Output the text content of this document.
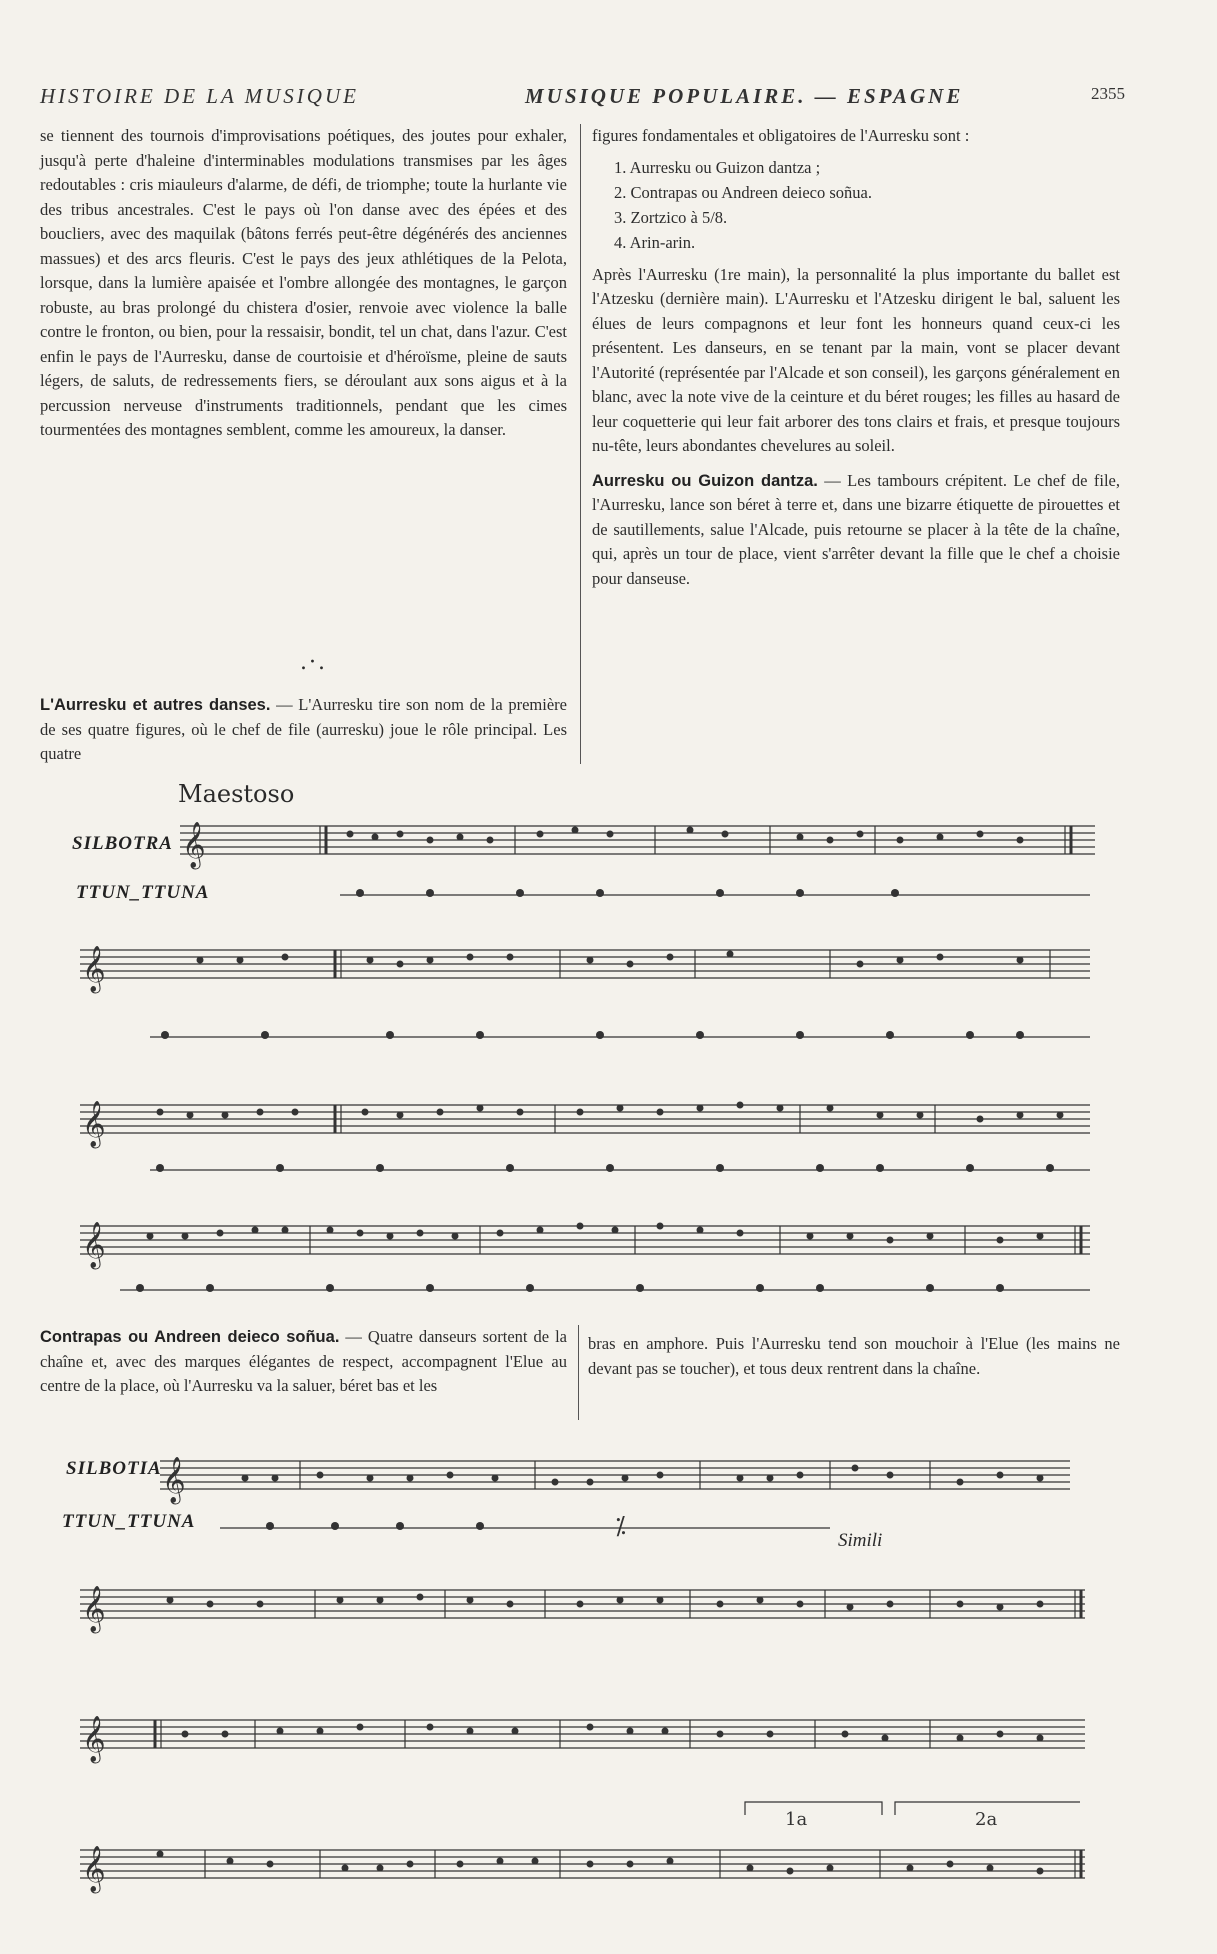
HISTOIRE DE LA MUSIQUE	MUSIQUE POPULAIRE. — ESPAGNE	2355

se tiennent des tournois d'improvisations poétiques, des joutes pour exhaler, jusqu'à perte d'haleine d'interminables modulations transmises par les âges redoutables : cris miauleurs d'alarme, de défi, de triomphe; toute la hurlante vie des tribus ancestrales. C'est le pays où l'on danse avec des épées et des boucliers, avec des maquilak (bâtons ferrés peut-être dégénérés des anciennes massues) et des arcs fleuris. C'est le pays des jeux athlétiques de la Pelota, lorsque, dans la lumière apaisée et l'ombre allongée des montagnes, le garçon robuste, au bras prolongé du chistera d'osier, renvoie avec violence la balle contre le fronton, ou bien, pour la ressaisir, bondit, tel un chat, dans l'azur. C'est enfin le pays de l'Aurresku, danse de courtoisie et d'héroïsme, pleine de sauts légers, de saluts, de redressements fiers, se déroulant aux sons aigus et à la percussion nerveuse d'instruments traditionnels, pendant que les cimes tourmentées des montagnes semblent, comme les amoureux, la danser.

.·.

L'Aurresku et autres danses. — L'Aurresku tire son nom de la première de ses quatre figures, où le chef de file (aurresku) joue le rôle principal. Les quatre

figures fondamentales et obligatoires de l'Aurresku sont :

1. Aurresku ou Guizon dantza ;
2. Contrapas ou Andreen deieco soñua.
3. Zortzico à 5/8.
4. Arin-arin.

Après l'Aurresku (1re main), la personnalité la plus importante du ballet est l'Atzesku (dernière main). L'Aurresku et l'Atzesku dirigent le bal, saluent les élues de leurs compagnons et leur font les honneurs quand ceux-ci les présentent. Les danseurs, en se tenant par la main, vont se placer devant l'Autorité (représentée par l'Alcade et son conseil), les garçons généralement en blanc, avec la note vive de la ceinture et du béret rouges; les filles au hasard de leur coquetterie qui leur fait arborer des tons clairs et frais, et presque toujours nu-tête, leurs abondantes chevelures au soleil.

Aurresku ou Guizon dantza. — Les tambours crépitent. Le chef de file, l'Aurresku, lance son béret à terre et, dans une bizarre étiquette de pirouettes et de sautillements, salue l'Alcade, puis retourne se placer à la tête de la chaîne, qui, après un tour de place, vient s'arrêter devant la fille que le chef a choisie pour danseuse.

Maestoso
SILBOTRA
TTUN_TTUNA
𝄞
𝄞
𝄞
𝄞

Contrapas ou Andreen deieco soñua. — Quatre danseurs sortent de la chaîne et, avec des marques élégantes de respect, accompagnent l'Elue au centre de la place, où l'Aurresku va la saluer, béret bas et les

bras en amphore. Puis l'Aurresku tend son mouchoir à l'Elue (les mains ne devant pas se toucher), et tous deux rentrent dans la chaîne.

SILBOTIA
TTUN_TTUNA
Simili
𝄞
𝄞
𝄞
𝄞
⁒
1a	2a
